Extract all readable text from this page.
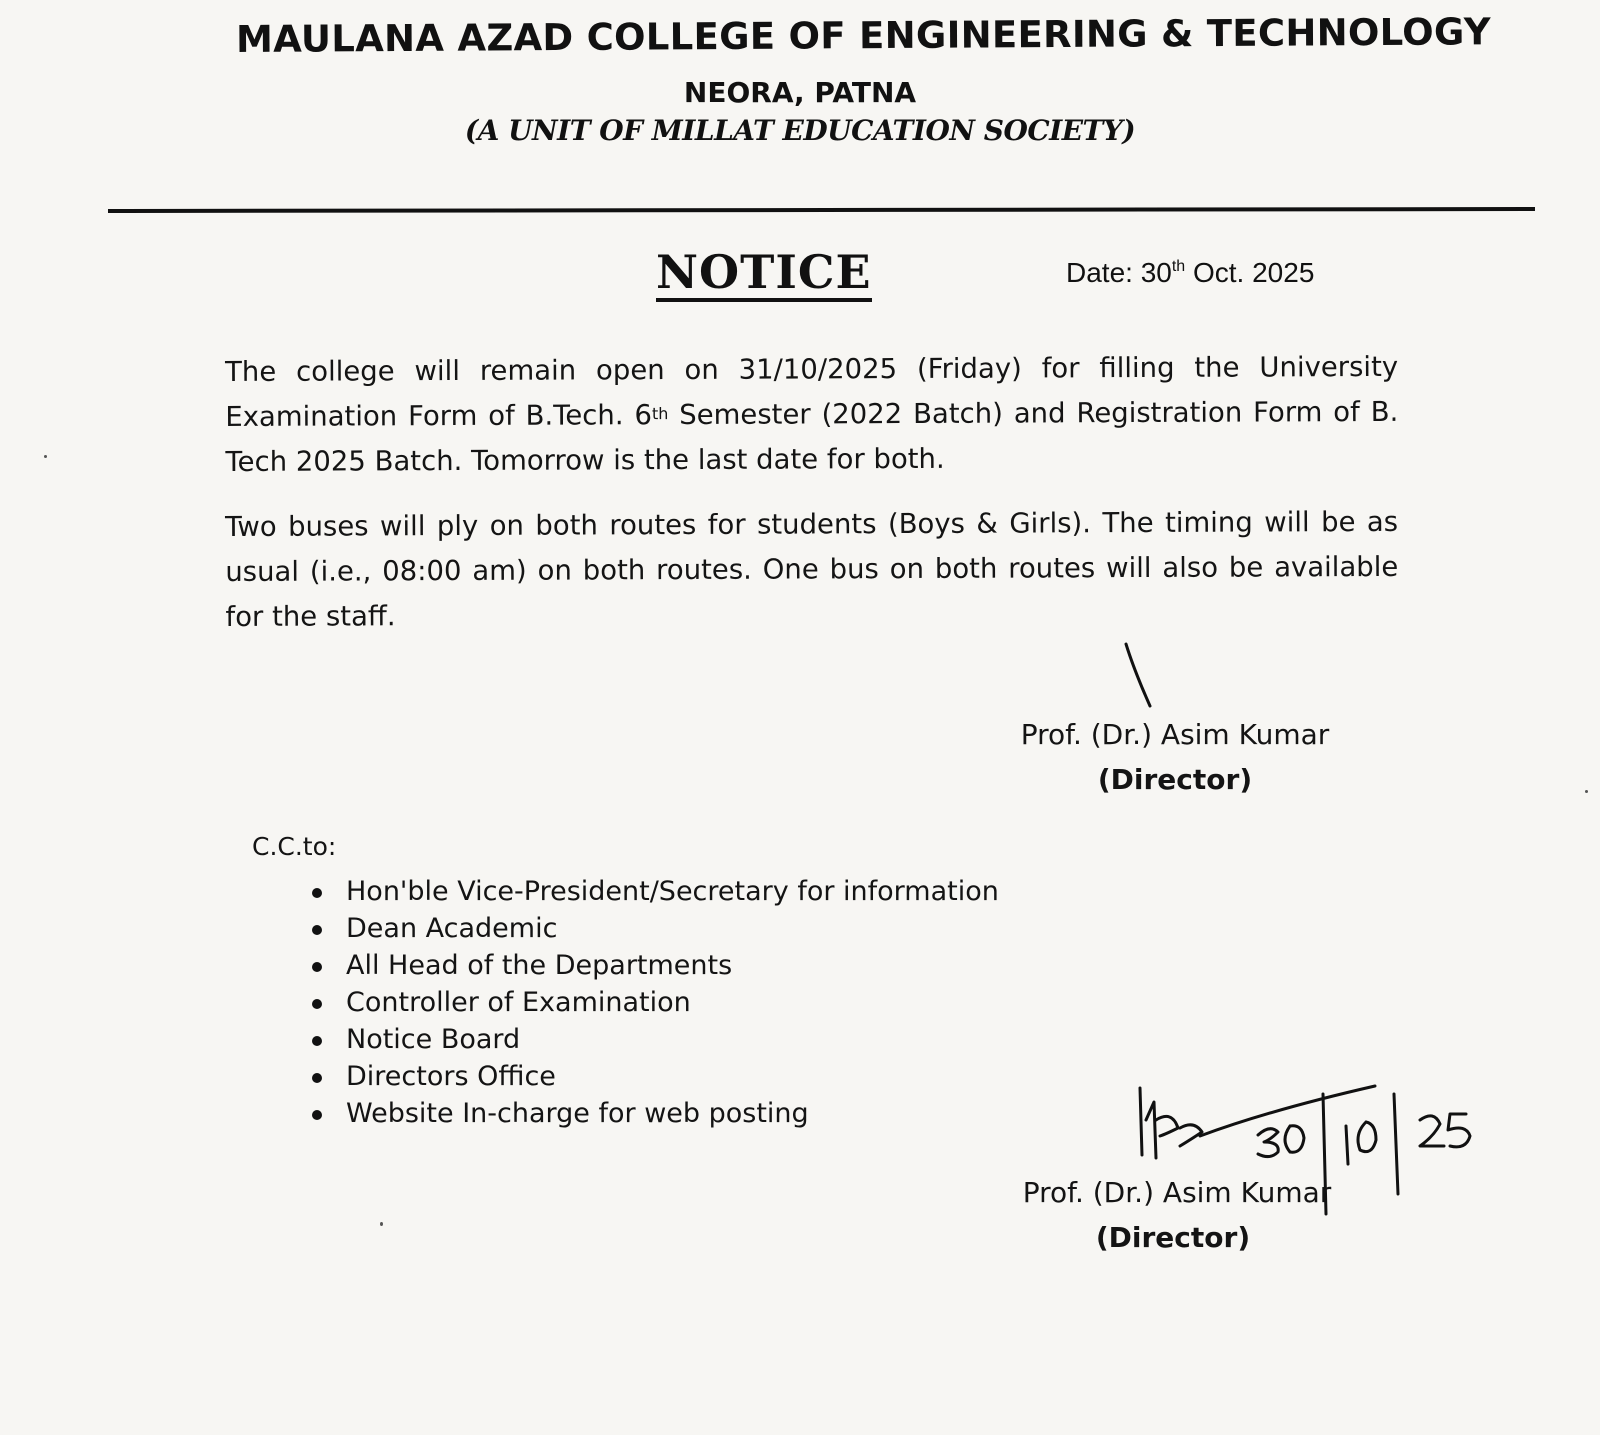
MAULANA AZAD COLLEGE OF ENGINEERING & TECHNOLOGY
NEORA, PATNA
(A UNIT OF MILLAT EDUCATION SOCIETY)
NOTICE	Date: 30th Oct. 2025
The college will remain open on 31/10/2025 (Friday) for filling the University Examination Form of B.Tech. 6th Semester (2022 Batch) and Registration Form of B. Tech 2025 Batch. Tomorrow is the last date for both.
Two buses will ply on both routes for students (Boys & Girls). The timing will be as usual (i.e., 08:00 am) on both routes. One bus on both routes will also be available for the staff.
Prof. (Dr.) Asim Kumar
(Director)
C.C.to:
Hon'ble Vice-President/Secretary for information
Dean Academic
All Head of the Departments
Controller of Examination
Notice Board
Directors Office
Website In-charge for web posting
Prof. (Dr.) Asim Kumar
(Director)
